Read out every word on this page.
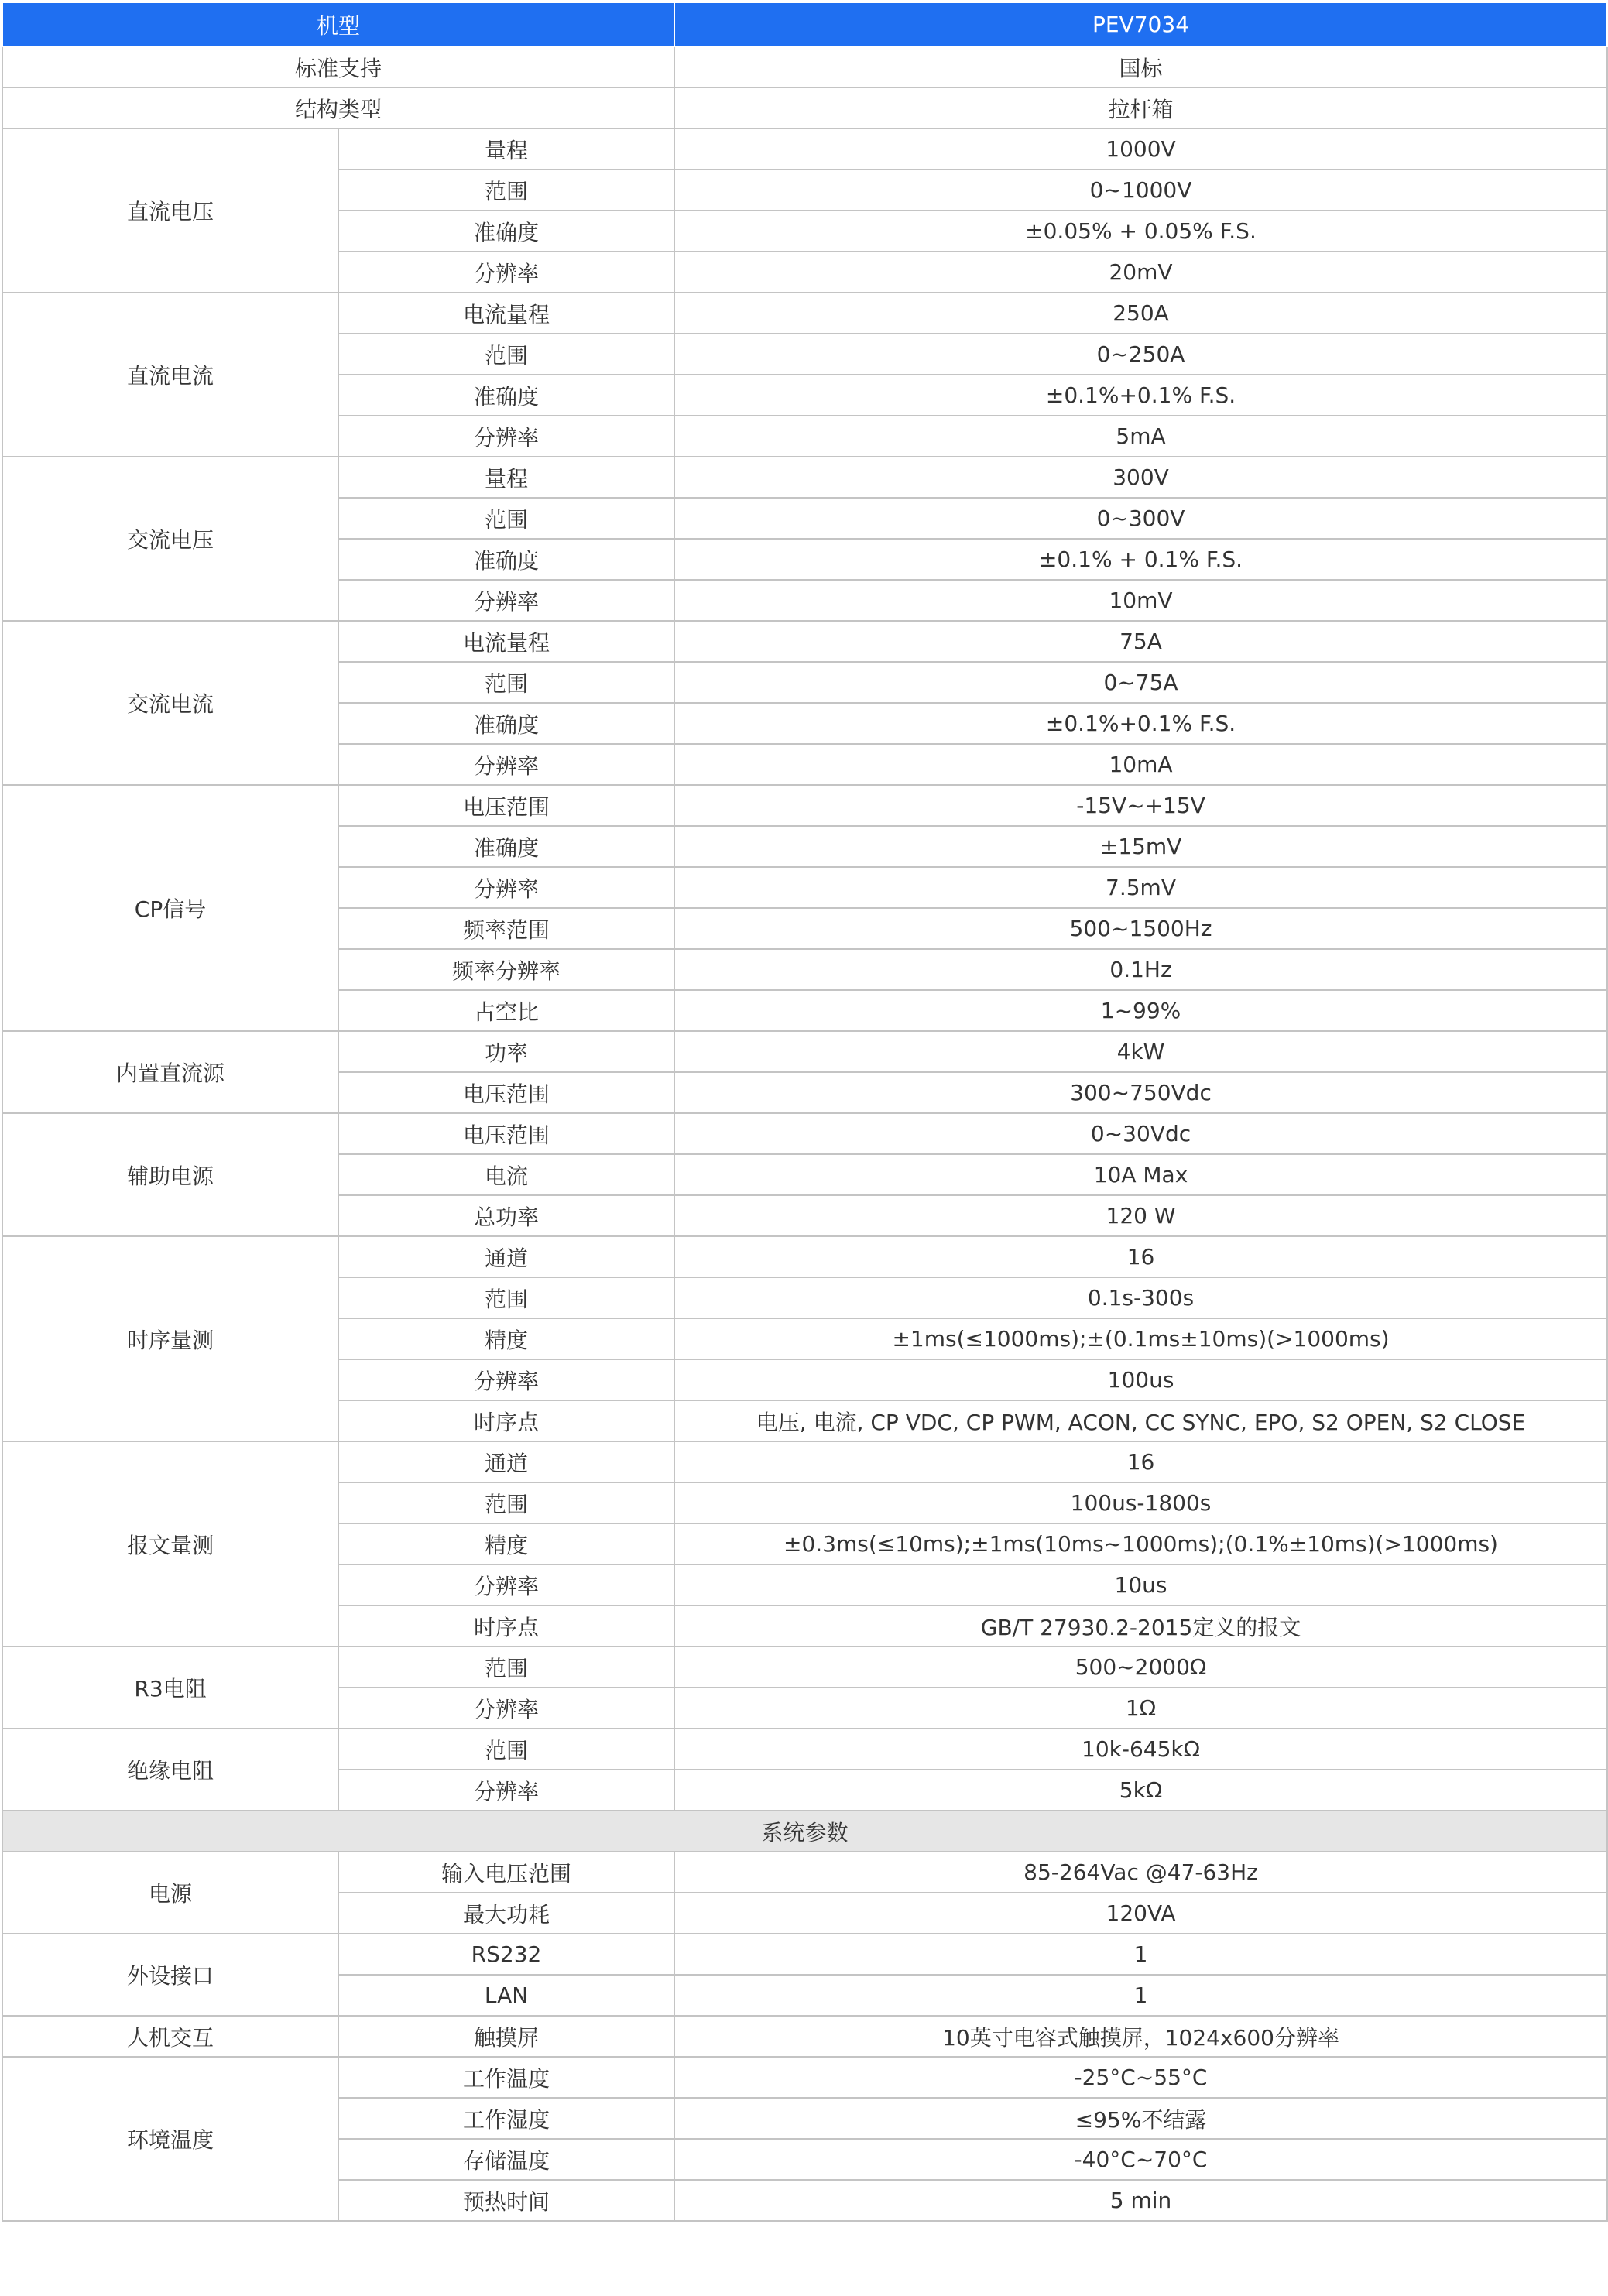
机型		PEV7034
标准支持		国标
结构类型		拉杆箱
直流电压	量程	1000V
	范围	0~1000V
	准确度	±0.05% + 0.05% F.S.
	分辨率	20mV
直流电流	电流量程	250A
	范围	0~250A
	准确度	±0.1%+0.1% F.S.
	分辨率	5mA
交流电压	量程	300V
	范围	0~300V
	准确度	±0.1% + 0.1% F.S.
	分辨率	10mV
交流电流	电流量程	75A
	范围	0~75A
	准确度	±0.1%+0.1% F.S.
	分辨率	10mA
CP信号	电压范围	-15V~+15V
	准确度	±15mV
	分辨率	7.5mV
	频率范围	500~1500Hz
	频率分辨率	0.1Hz
	占空比	1~99%
内置直流源	功率	4kW
	电压范围	300~750Vdc
辅助电源	电压范围	0~30Vdc
	电流	10A Max
	总功率	120 W
时序量测	通道	16
	范围	0.1s-300s
	精度	±1ms(≤1000ms);±(0.1ms±10ms)(>1000ms)
	分辨率	100us
	时序点	电压, 电流, CP VDC, CP PWM, ACON, CC SYNC, EPO, S2 OPEN, S2 CLOSE
报文量测	通道	16
	范围	100us-1800s
	精度	±0.3ms(≤10ms);±1ms(10ms~1000ms);(0.1%±10ms)(>1000ms)
	分辨率	10us
	时序点	GB/T 27930.2-2015定义的报文
R3电阻	范围	500~2000Ω
	分辨率	1Ω
绝缘电阻	范围	10k-645kΩ
	分辨率	5kΩ
系统参数		
电源	输入电压范围	85-264Vac @47-63Hz
	最大功耗	120VA
外设接口	RS232	1
	LAN	1
人机交互	触摸屏	10英寸电容式触摸屏，1024x600分辨率
环境温度	工作温度	-25°C~55°C
	工作湿度	≤95%不结露
	存储温度	-40°C~70°C
	预热时间	5 min
